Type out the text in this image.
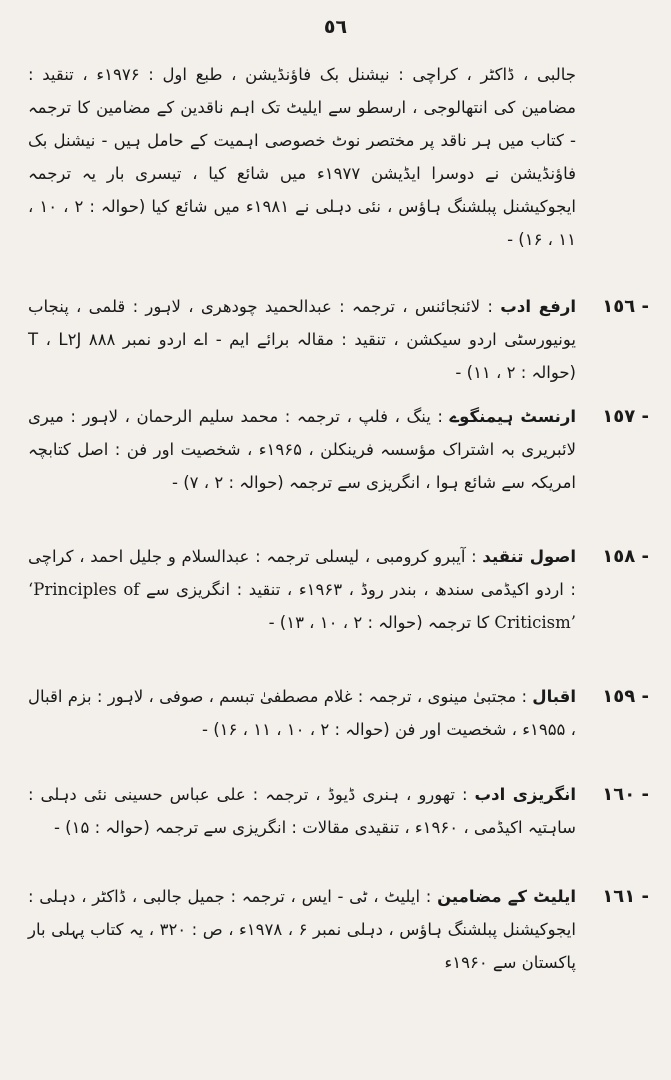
٥٦
جالبی ، ڈاکٹر ، کراچی : نیشنل بک فاؤنڈیشن ، طبع اول : ۱۹۷۶ء ، تنقید : مضامین کی انتھالوجی ، ارسطو سے ایلیٹ تک اہم ناقدین کے مضامین کا ترجمہ - کتاب میں ہر ناقد پر مختصر نوٹ خصوصی اہمیت کے حامل ہیں - نیشنل بک فاؤنڈیشن نے دوسرا ایڈیشن ۱۹۷۷ء میں شائع کیا ، تیسری بار یہ ترجمہ ایجوکیشنل پبلشنگ ہاؤس ، نئی دہلی نے ۱۹۸۱ء میں شائع کیا (حوالہ : ۲ ، ۱۰ ، ۱۱ ، ۱۶) -
١٥٦ -
ارفع ادب : لائنجائنس ، ترجمہ : عبدالحمید چودھری ، لاہور : قلمی ، پنجاب یونیورسٹی اردو سیکشن ، تنقید : مقالہ برائے ایم - اے اردو نمبر ۸۸۸ T ، L۲J (حوالہ : ۲ ، ۱۱) -
١٥٧ -
ارنسٹ ہیمنگوے : ینگ ، فلپ ، ترجمہ : محمد سلیم الرحمان ، لاہور : میری لائبریری بہ اشتراک مؤسسہ فرینکلن ، ۱۹۶۵ء ، شخصیت اور فن : اصل کتابچہ امریکہ سے شائع ہوا ، انگریزی سے ترجمہ (حوالہ : ۲ ، ۷) -
١٥٨ -
اصول تنقید : آیبرو کرومبی ، لیسلی ترجمہ : عبدالسلام و جلیل احمد ، کراچی : اردو اکیڈمی سندھ ، بندر روڈ ، ۱۹۶۳ء ، تنقید : انگریزی سے ‘Principles of Criticism’ کا ترجمہ (حوالہ : ۲ ، ۱۰ ، ۱۳) -
١٥٩ -
اقبال : مجتبیٰ مینوی ، ترجمہ : غلام مصطفیٰ تبسم ، صوفی ، لاہور : بزم اقبال ، ۱۹۵۵ء ، شخصیت اور فن (حوالہ : ۲ ، ۱۰ ، ۱۱ ، ۱۶) -
١٦٠ -
انگریزی ادب : تھورو ، ہنری ڈیوڈ ، ترجمہ : علی عباس حسینی نئی دہلی : ساہتیہ اکیڈمی ، ۱۹۶۰ء ، تنقیدی مقالات : انگریزی سے ترجمہ (حوالہ : ۱۵) -
١٦١ -
ایلیٹ کے مضامین : ایلیٹ ، ٹی - ایس ، ترجمہ : جمیل جالبی ، ڈاکٹر ، دہلی : ایجوکیشنل پبلشنگ ہاؤس ، دہلی نمبر ۶ ، ۱۹۷۸ء ، ص : ۳۲۰ ، یہ کتاب پہلی بار پاکستان سے ۱۹۶۰ء
